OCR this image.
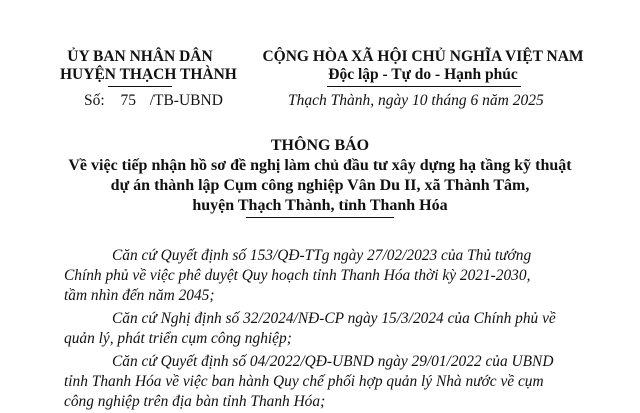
ỦY BAN NHÂN DÂN
HUYỆN THẠCH THÀNH
CỘNG HÒA XÃ HỘI CHỦ NGHĨA VIỆT NAM
Độc lập - Tự do - Hạnh phúc
Số: 75 /TB-UBND	Thạch Thành, ngày 10 tháng 6 năm 2025
THÔNG BÁO
Về việc tiếp nhận hồ sơ đề nghị làm chủ đầu tư xây dựng hạ tầng kỹ thuật
dự án thành lập Cụm công nghiệp Vân Du II, xã Thành Tâm,
huyện Thạch Thành, tỉnh Thanh Hóa

Căn cứ Quyết định số 153/QĐ-TTg ngày 27/02/2023 của Thủ tướng

Chính phủ về việc phê duyệt Quy hoạch tỉnh Thanh Hóa thời kỳ 2021-2030,

tầm nhìn đến năm 2045;

Căn cứ Nghị định số 32/2024/NĐ-CP ngày 15/3/2024 của Chính phủ về

quản lý, phát triển cụm công nghiệp;

Căn cứ Quyết định số 04/2022/QĐ-UBND ngày 29/01/2022 của UBND

tỉnh Thanh Hóa về việc ban hành Quy chế phối hợp quản lý Nhà nước về cụm

công nghiệp trên địa bàn tỉnh Thanh Hóa;
